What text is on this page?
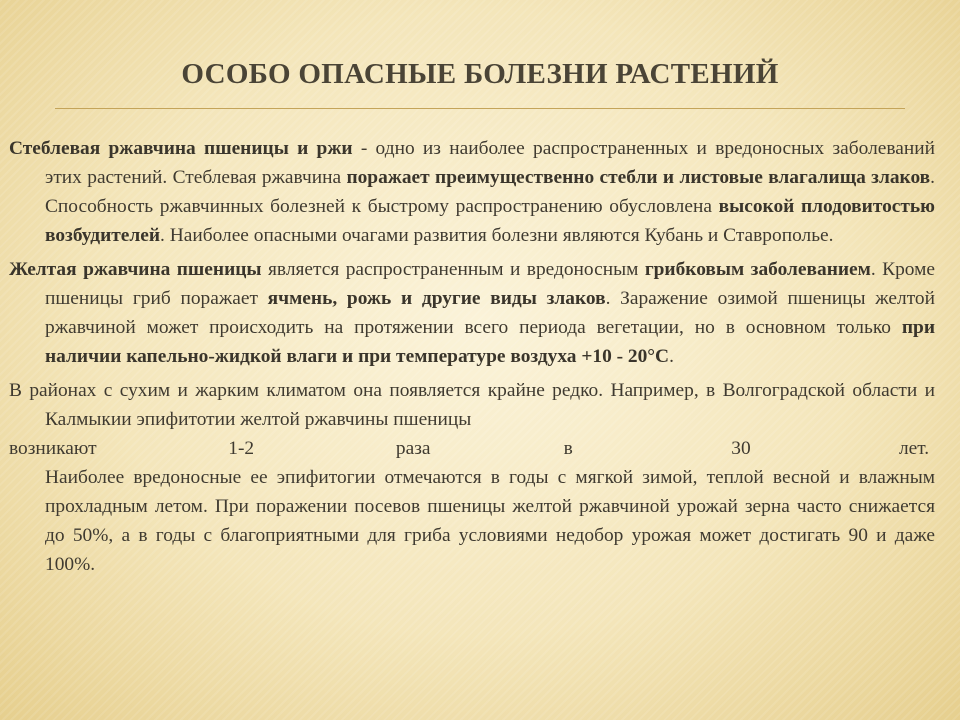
ОСОБО ОПАСНЫЕ БОЛЕЗНИ РАСТЕНИЙ

Стеблевая ржавчина пшеницы и ржи - одно из наиболее распространенных и вредоносных заболеваний этих растений. Стеблевая ржавчина поражает преимущественно стебли и листовые влагалища злаков. Способность ржавчинных болезней к быстрому распространению обусловлена высокой плодовитостью возбудителей. Наиболее опасными очагами развития болезни являются Кубань и Ставрополье.

Желтая ржавчина пшеницы является распространенным и вредоносным грибковым заболеванием. Кроме пшеницы гриб поражает ячмень, рожь и другие виды злаков. Заражение озимой пшеницы желтой ржавчиной может происходить на протяжении всего периода вегетации, но в основном только при наличии капельно-жидкой влаги и при температуре воздуха +10 - 20°С.

В районах с сухим и жарким климатом она появляется крайне редко. Например, в Волгоградской области и Калмыкии эпифитотии желтой ржавчины пшеницы
возникают	1-2	раза	в	30	лет.
Наиболее вредоносные ее эпифитогии отмечаются в годы с мягкой зимой, теплой весной и влажным прохладным летом. При поражении посевов пшеницы желтой ржавчиной урожай зерна часто снижается до 50%, а в годы с благоприятными для гриба условиями недобор урожая может достигать 90 и даже 100%.
